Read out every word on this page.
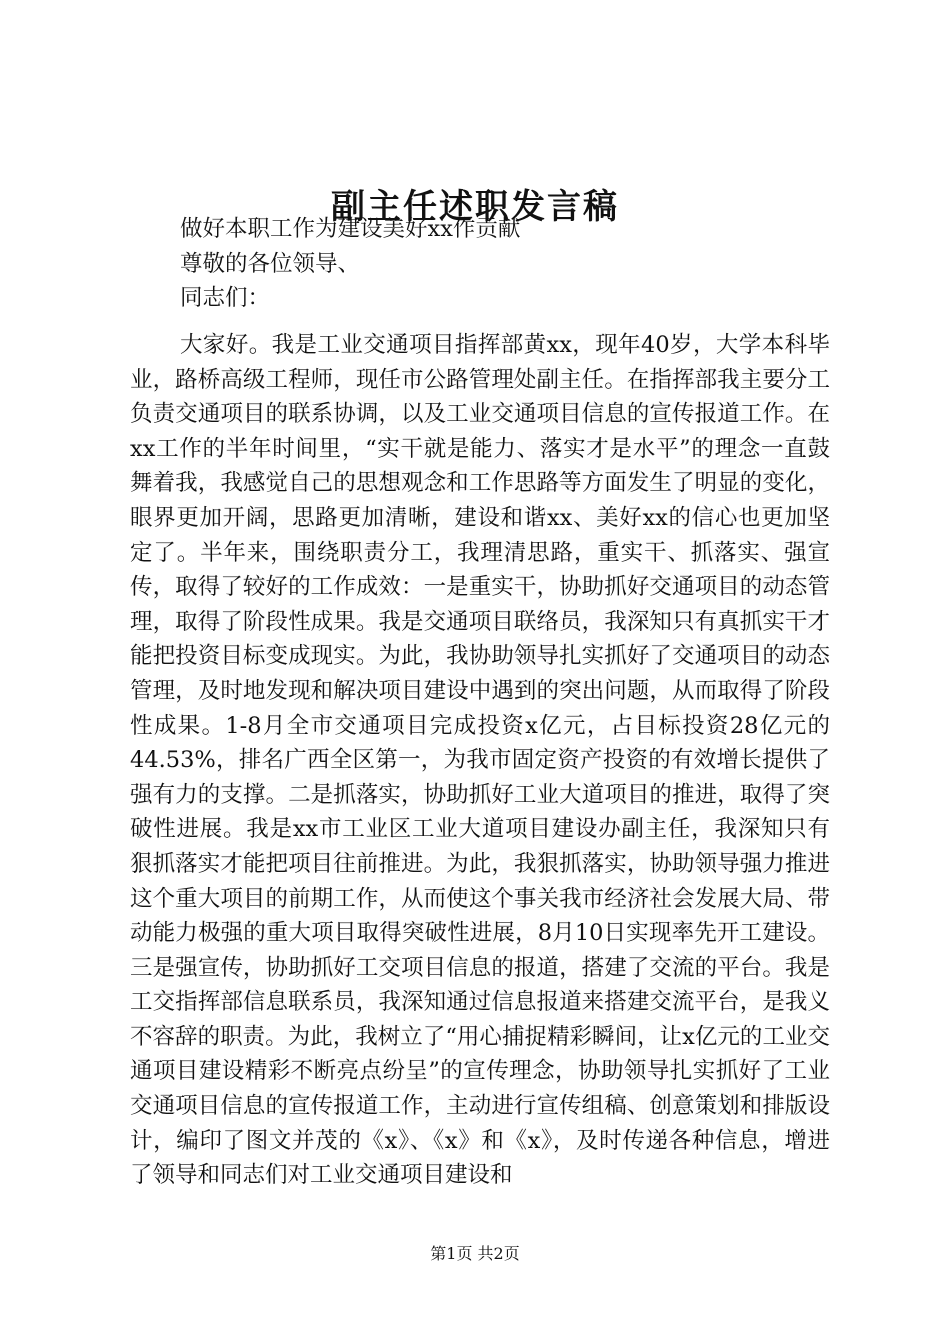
副主任述职发言稿

做好本职工作为建设美好xx作贡献

尊敬的各位领导、

同志们：

大家好。我是工业交通项目指挥部黄xx，现年40岁，大学本科毕业，路桥高级工程师，现任市公路管理处副主任。在指挥部我主要分工负责交通项目的联系协调，以及工业交通项目信息的宣传报道工作。在xx工作的半年时间里，“实干就是能力、落实才是水平”的理念一直鼓舞着我，我感觉自己的思想观念和工作思路等方面发生了明显的变化，眼界更加开阔，思路更加清晰，建设和谐xx、美好xx的信心也更加坚定了。半年来，围绕职责分工，我理清思路，重实干、抓落实、强宣传，取得了较好的工作成效：一是重实干，协助抓好交通项目的动态管理，取得了阶段性成果。我是交通项目联络员，我深知只有真抓实干才能把投资目标变成现实。为此，我协助领导扎实抓好了交通项目的动态管理，及时地发现和解决项目建设中遇到的突出问题，从而取得了阶段性成果。1-8月全市交通项目完成投资x亿元，占目标投资28亿元的44.53%，排名广西全区第一，为我市固定资产投资的有效增长提供了强有力的支撑。二是抓落实，协助抓好工业大道项目的推进，取得了突破性进展。我是xx市工业区工业大道项目建设办副主任，我深知只有狠抓落实才能把项目往前推进。为此，我狠抓落实，协助领导强力推进这个重大项目的前期工作，从而使这个事关我市经济社会发展大局、带动能力极强的重大项目取得突破性进展，8月10日实现率先开工建设。三是强宣传，协助抓好工交项目信息的报道，搭建了交流的平台。我是工交指挥部信息联系员，我深知通过信息报道来搭建交流平台，是我义不容辞的职责。为此，我树立了“用心捕捉精彩瞬间，让x亿元的工业交通项目建设精彩不断亮点纷呈”的宣传理念，协助领导扎实抓好了工业交通项目信息的宣传报道工作，主动进行宣传组稿、创意策划和排版设计，编印了图文并茂的《x》、《x》和《x》，及时传递各种信息，增进了领导和同志们对工业交通项目建设和

第1页 共2页
